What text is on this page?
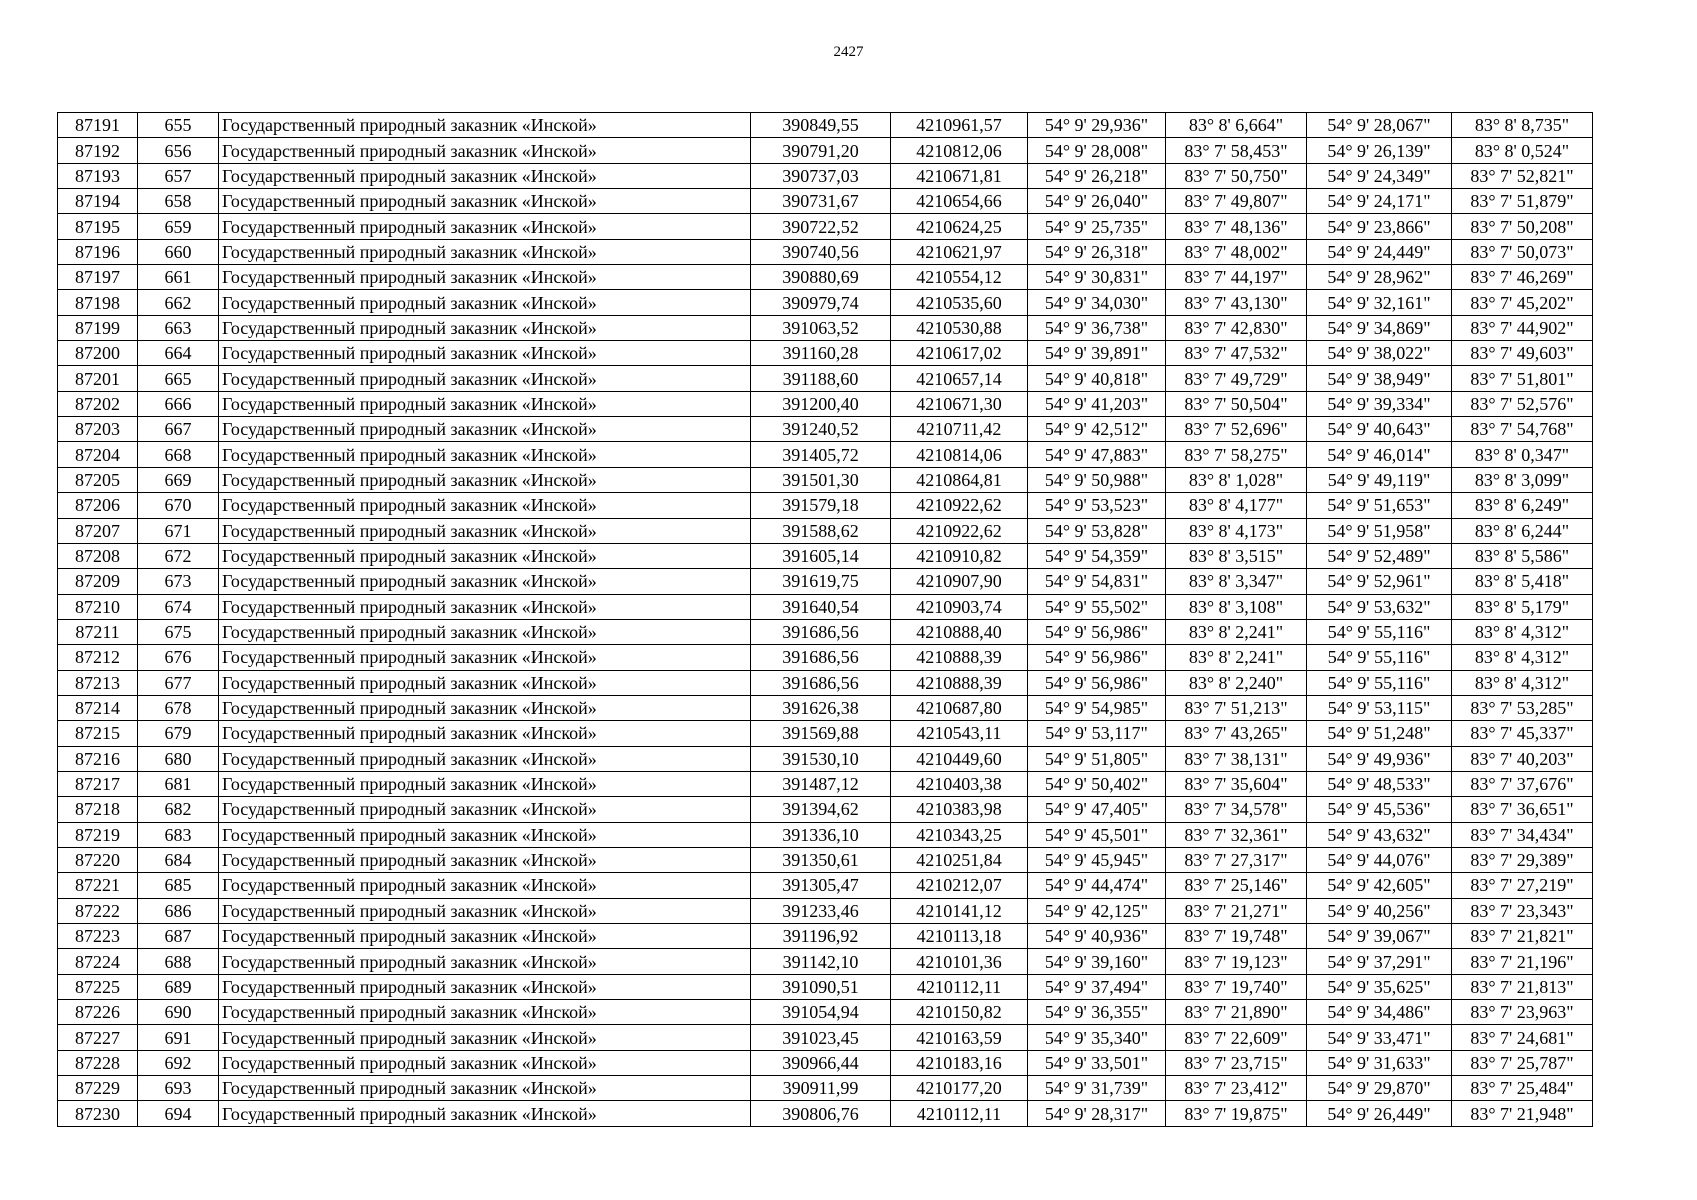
2427
87191	655	Государственный природный заказник «Инской»	390849,55	4210961,57	54° 9' 29,936"	83° 8' 6,664"	54° 9' 28,067"	83° 8' 8,735"
87192	656	Государственный природный заказник «Инской»	390791,20	4210812,06	54° 9' 28,008"	83° 7' 58,453"	54° 9' 26,139"	83° 8' 0,524"
87193	657	Государственный природный заказник «Инской»	390737,03	4210671,81	54° 9' 26,218"	83° 7' 50,750"	54° 9' 24,349"	83° 7' 52,821"
87194	658	Государственный природный заказник «Инской»	390731,67	4210654,66	54° 9' 26,040"	83° 7' 49,807"	54° 9' 24,171"	83° 7' 51,879"
87195	659	Государственный природный заказник «Инской»	390722,52	4210624,25	54° 9' 25,735"	83° 7' 48,136"	54° 9' 23,866"	83° 7' 50,208"
87196	660	Государственный природный заказник «Инской»	390740,56	4210621,97	54° 9' 26,318"	83° 7' 48,002"	54° 9' 24,449"	83° 7' 50,073"
87197	661	Государственный природный заказник «Инской»	390880,69	4210554,12	54° 9' 30,831"	83° 7' 44,197"	54° 9' 28,962"	83° 7' 46,269"
87198	662	Государственный природный заказник «Инской»	390979,74	4210535,60	54° 9' 34,030"	83° 7' 43,130"	54° 9' 32,161"	83° 7' 45,202"
87199	663	Государственный природный заказник «Инской»	391063,52	4210530,88	54° 9' 36,738"	83° 7' 42,830"	54° 9' 34,869"	83° 7' 44,902"
87200	664	Государственный природный заказник «Инской»	391160,28	4210617,02	54° 9' 39,891"	83° 7' 47,532"	54° 9' 38,022"	83° 7' 49,603"
87201	665	Государственный природный заказник «Инской»	391188,60	4210657,14	54° 9' 40,818"	83° 7' 49,729"	54° 9' 38,949"	83° 7' 51,801"
87202	666	Государственный природный заказник «Инской»	391200,40	4210671,30	54° 9' 41,203"	83° 7' 50,504"	54° 9' 39,334"	83° 7' 52,576"
87203	667	Государственный природный заказник «Инской»	391240,52	4210711,42	54° 9' 42,512"	83° 7' 52,696"	54° 9' 40,643"	83° 7' 54,768"
87204	668	Государственный природный заказник «Инской»	391405,72	4210814,06	54° 9' 47,883"	83° 7' 58,275"	54° 9' 46,014"	83° 8' 0,347"
87205	669	Государственный природный заказник «Инской»	391501,30	4210864,81	54° 9' 50,988"	83° 8' 1,028"	54° 9' 49,119"	83° 8' 3,099"
87206	670	Государственный природный заказник «Инской»	391579,18	4210922,62	54° 9' 53,523"	83° 8' 4,177"	54° 9' 51,653"	83° 8' 6,249"
87207	671	Государственный природный заказник «Инской»	391588,62	4210922,62	54° 9' 53,828"	83° 8' 4,173"	54° 9' 51,958"	83° 8' 6,244"
87208	672	Государственный природный заказник «Инской»	391605,14	4210910,82	54° 9' 54,359"	83° 8' 3,515"	54° 9' 52,489"	83° 8' 5,586"
87209	673	Государственный природный заказник «Инской»	391619,75	4210907,90	54° 9' 54,831"	83° 8' 3,347"	54° 9' 52,961"	83° 8' 5,418"
87210	674	Государственный природный заказник «Инской»	391640,54	4210903,74	54° 9' 55,502"	83° 8' 3,108"	54° 9' 53,632"	83° 8' 5,179"
87211	675	Государственный природный заказник «Инской»	391686,56	4210888,40	54° 9' 56,986"	83° 8' 2,241"	54° 9' 55,116"	83° 8' 4,312"
87212	676	Государственный природный заказник «Инской»	391686,56	4210888,39	54° 9' 56,986"	83° 8' 2,241"	54° 9' 55,116"	83° 8' 4,312"
87213	677	Государственный природный заказник «Инской»	391686,56	4210888,39	54° 9' 56,986"	83° 8' 2,240"	54° 9' 55,116"	83° 8' 4,312"
87214	678	Государственный природный заказник «Инской»	391626,38	4210687,80	54° 9' 54,985"	83° 7' 51,213"	54° 9' 53,115"	83° 7' 53,285"
87215	679	Государственный природный заказник «Инской»	391569,88	4210543,11	54° 9' 53,117"	83° 7' 43,265"	54° 9' 51,248"	83° 7' 45,337"
87216	680	Государственный природный заказник «Инской»	391530,10	4210449,60	54° 9' 51,805"	83° 7' 38,131"	54° 9' 49,936"	83° 7' 40,203"
87217	681	Государственный природный заказник «Инской»	391487,12	4210403,38	54° 9' 50,402"	83° 7' 35,604"	54° 9' 48,533"	83° 7' 37,676"
87218	682	Государственный природный заказник «Инской»	391394,62	4210383,98	54° 9' 47,405"	83° 7' 34,578"	54° 9' 45,536"	83° 7' 36,651"
87219	683	Государственный природный заказник «Инской»	391336,10	4210343,25	54° 9' 45,501"	83° 7' 32,361"	54° 9' 43,632"	83° 7' 34,434"
87220	684	Государственный природный заказник «Инской»	391350,61	4210251,84	54° 9' 45,945"	83° 7' 27,317"	54° 9' 44,076"	83° 7' 29,389"
87221	685	Государственный природный заказник «Инской»	391305,47	4210212,07	54° 9' 44,474"	83° 7' 25,146"	54° 9' 42,605"	83° 7' 27,219"
87222	686	Государственный природный заказник «Инской»	391233,46	4210141,12	54° 9' 42,125"	83° 7' 21,271"	54° 9' 40,256"	83° 7' 23,343"
87223	687	Государственный природный заказник «Инской»	391196,92	4210113,18	54° 9' 40,936"	83° 7' 19,748"	54° 9' 39,067"	83° 7' 21,821"
87224	688	Государственный природный заказник «Инской»	391142,10	4210101,36	54° 9' 39,160"	83° 7' 19,123"	54° 9' 37,291"	83° 7' 21,196"
87225	689	Государственный природный заказник «Инской»	391090,51	4210112,11	54° 9' 37,494"	83° 7' 19,740"	54° 9' 35,625"	83° 7' 21,813"
87226	690	Государственный природный заказник «Инской»	391054,94	4210150,82	54° 9' 36,355"	83° 7' 21,890"	54° 9' 34,486"	83° 7' 23,963"
87227	691	Государственный природный заказник «Инской»	391023,45	4210163,59	54° 9' 35,340"	83° 7' 22,609"	54° 9' 33,471"	83° 7' 24,681"
87228	692	Государственный природный заказник «Инской»	390966,44	4210183,16	54° 9' 33,501"	83° 7' 23,715"	54° 9' 31,633"	83° 7' 25,787"
87229	693	Государственный природный заказник «Инской»	390911,99	4210177,20	54° 9' 31,739"	83° 7' 23,412"	54° 9' 29,870"	83° 7' 25,484"
87230	694	Государственный природный заказник «Инской»	390806,76	4210112,11	54° 9' 28,317"	83° 7' 19,875"	54° 9' 26,449"	83° 7' 21,948"
